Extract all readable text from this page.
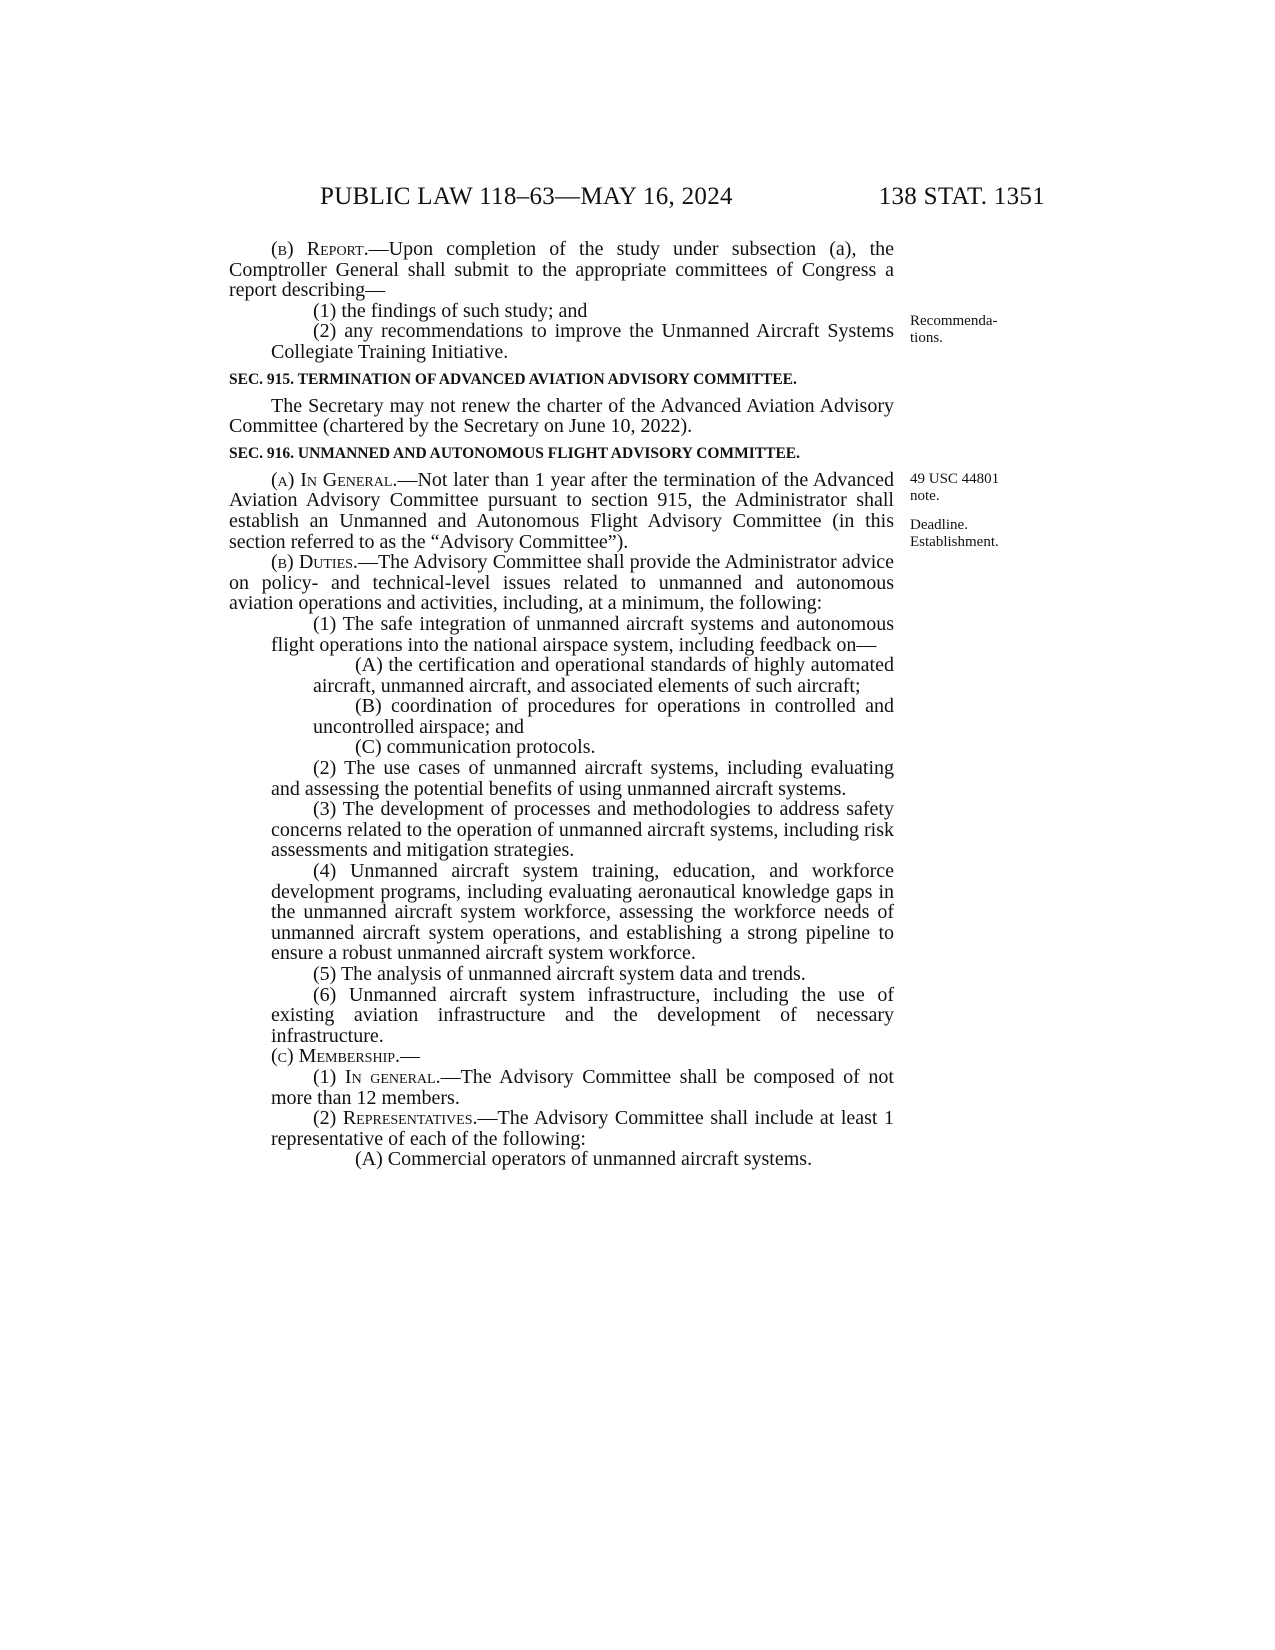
PUBLIC LAW 118–63—MAY 16, 2024	138 STAT. 1351

(b) Report.—Upon completion of the study under subsection (a), the Comptroller General shall submit to the appropriate committees of Congress a report describing—

(1) the findings of such study; and

(2) any recommendations to improve the Unmanned Aircraft Systems Collegiate Training Initiative.

SEC. 915. TERMINATION OF ADVANCED AVIATION ADVISORY COMMITTEE.

The Secretary may not renew the charter of the Advanced Aviation Advisory Committee (chartered by the Secretary on June 10, 2022).

SEC. 916. UNMANNED AND AUTONOMOUS FLIGHT ADVISORY COMMITTEE.

(a) In General.—Not later than 1 year after the termination of the Advanced Aviation Advisory Committee pursuant to section 915, the Administrator shall establish an Unmanned and Autonomous Flight Advisory Committee (in this section referred to as the “Advisory Committee”).

(b) Duties.—The Advisory Committee shall provide the Administrator advice on policy- and technical-level issues related to unmanned and autonomous aviation operations and activities, including, at a minimum, the following:

(1) The safe integration of unmanned aircraft systems and autonomous flight operations into the national airspace system, including feedback on—

(A) the certification and operational standards of highly automated aircraft, unmanned aircraft, and associated elements of such aircraft;

(B) coordination of procedures for operations in controlled and uncontrolled airspace; and

(C) communication protocols.

(2) The use cases of unmanned aircraft systems, including evaluating and assessing the potential benefits of using unmanned aircraft systems.

(3) The development of processes and methodologies to address safety concerns related to the operation of unmanned aircraft systems, including risk assessments and mitigation strategies.

(4) Unmanned aircraft system training, education, and workforce development programs, including evaluating aeronautical knowledge gaps in the unmanned aircraft system workforce, assessing the workforce needs of unmanned aircraft system operations, and establishing a strong pipeline to ensure a robust unmanned aircraft system workforce.

(5) The analysis of unmanned aircraft system data and trends.

(6) Unmanned aircraft system infrastructure, including the use of existing aviation infrastructure and the development of necessary infrastructure.

(c) Membership.—

(1) In general.—The Advisory Committee shall be composed of not more than 12 members.

(2) Representatives.—The Advisory Committee shall include at least 1 representative of each of the following:

(A) Commercial operators of unmanned aircraft systems.

Recommenda-
tions.
49 USC 44801
note.
Deadline.
Establishment.
